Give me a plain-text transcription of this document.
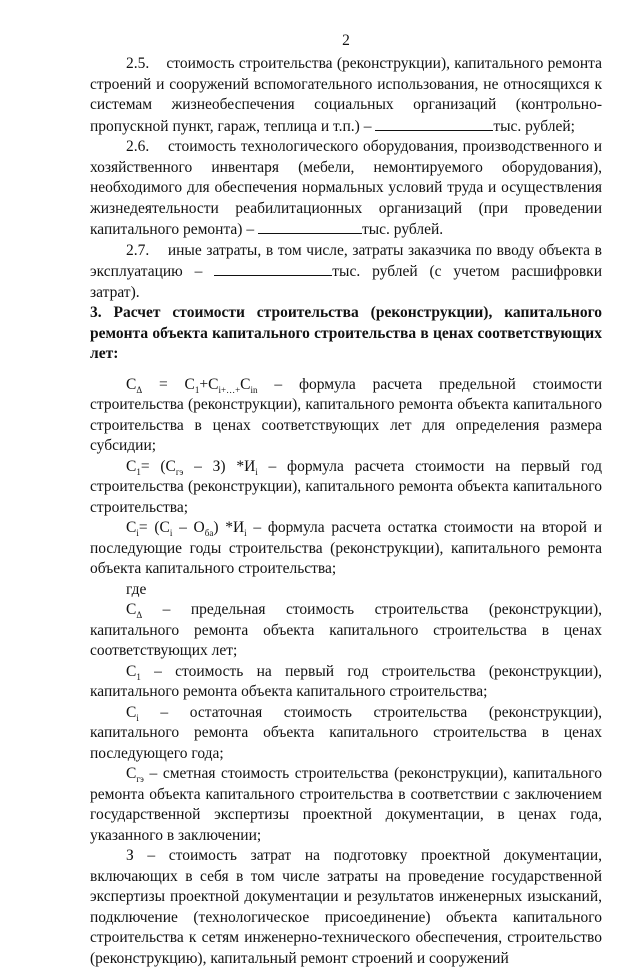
2

2.5. стоимость строительства (реконструкции), капитального ремонта строений и сооружений вспомогательного использования, не относящихся к системам жизнеобеспечения социальных организаций (контрольно-пропускной пункт, гараж, теплица и т.п.) –	тыс. рублей;

2.6. стоимость технологического оборудования, производственного и хозяйственного инвентаря (мебели, немонтируемого оборудования), необходимого для обеспечения нормальных условий труда и осуществления жизнедеятельности реабилитационных организаций (при проведении капитального ремонта) –	тыс. рублей.

2.7. иные затраты, в том числе, затраты заказчика по вводу объекта в эксплуатацию –	тыс. рублей (с учетом расшифровки затрат).

3. Расчет стоимости строительства (реконструкции), капитального ремонта объекта капитального строительства в ценах соответствующих лет:

$С_\Delta = С_1+С_{i+\dots+}С_{in}$ – формула расчета предельной стоимости строительства (реконструкции), капитального ремонта объекта капитального строительства в ценах соответствующих лет для определения размера субсидии;

$С_1= (С_{гэ} - З)$ $*И_i$ – формула расчета стоимости на первый год строительства (реконструкции), капитального ремонта объекта капитального строительства;

$С_i= (С_i - О_{ба})$ $*И_i$ – формула расчета остатка стоимости на второй и последующие годы строительства (реконструкции), капитального ремонта объекта капитального строительства;

где

$С_\Delta$ – предельная стоимость строительства (реконструкции), капитального ремонта объекта капитального строительства в ценах соответствующих лет;

$С_1$ – стоимость на первый год строительства (реконструкции), капитального ремонта объекта капитального строительства;

$С_i$ – остаточная стоимость строительства (реконструкции), капитального ремонта объекта капитального строительства в ценах последующего года;

$С_{гэ}$ – сметная стоимость строительства (реконструкции), капитального ремонта объекта капитального строительства в соответствии с заключением государственной экспертизы проектной документации, в ценах года, указанного в заключении;

З – стоимость затрат на подготовку проектной документации, включающих в себя в том числе затраты на проведение государственной экспертизы проектной документации и результатов инженерных изысканий, подключение (технологическое присоединение) объекта капитального строительства к сетям инженерно-технического обеспечения, строительство (реконструкцию), капитальный ремонт строений и сооружений
